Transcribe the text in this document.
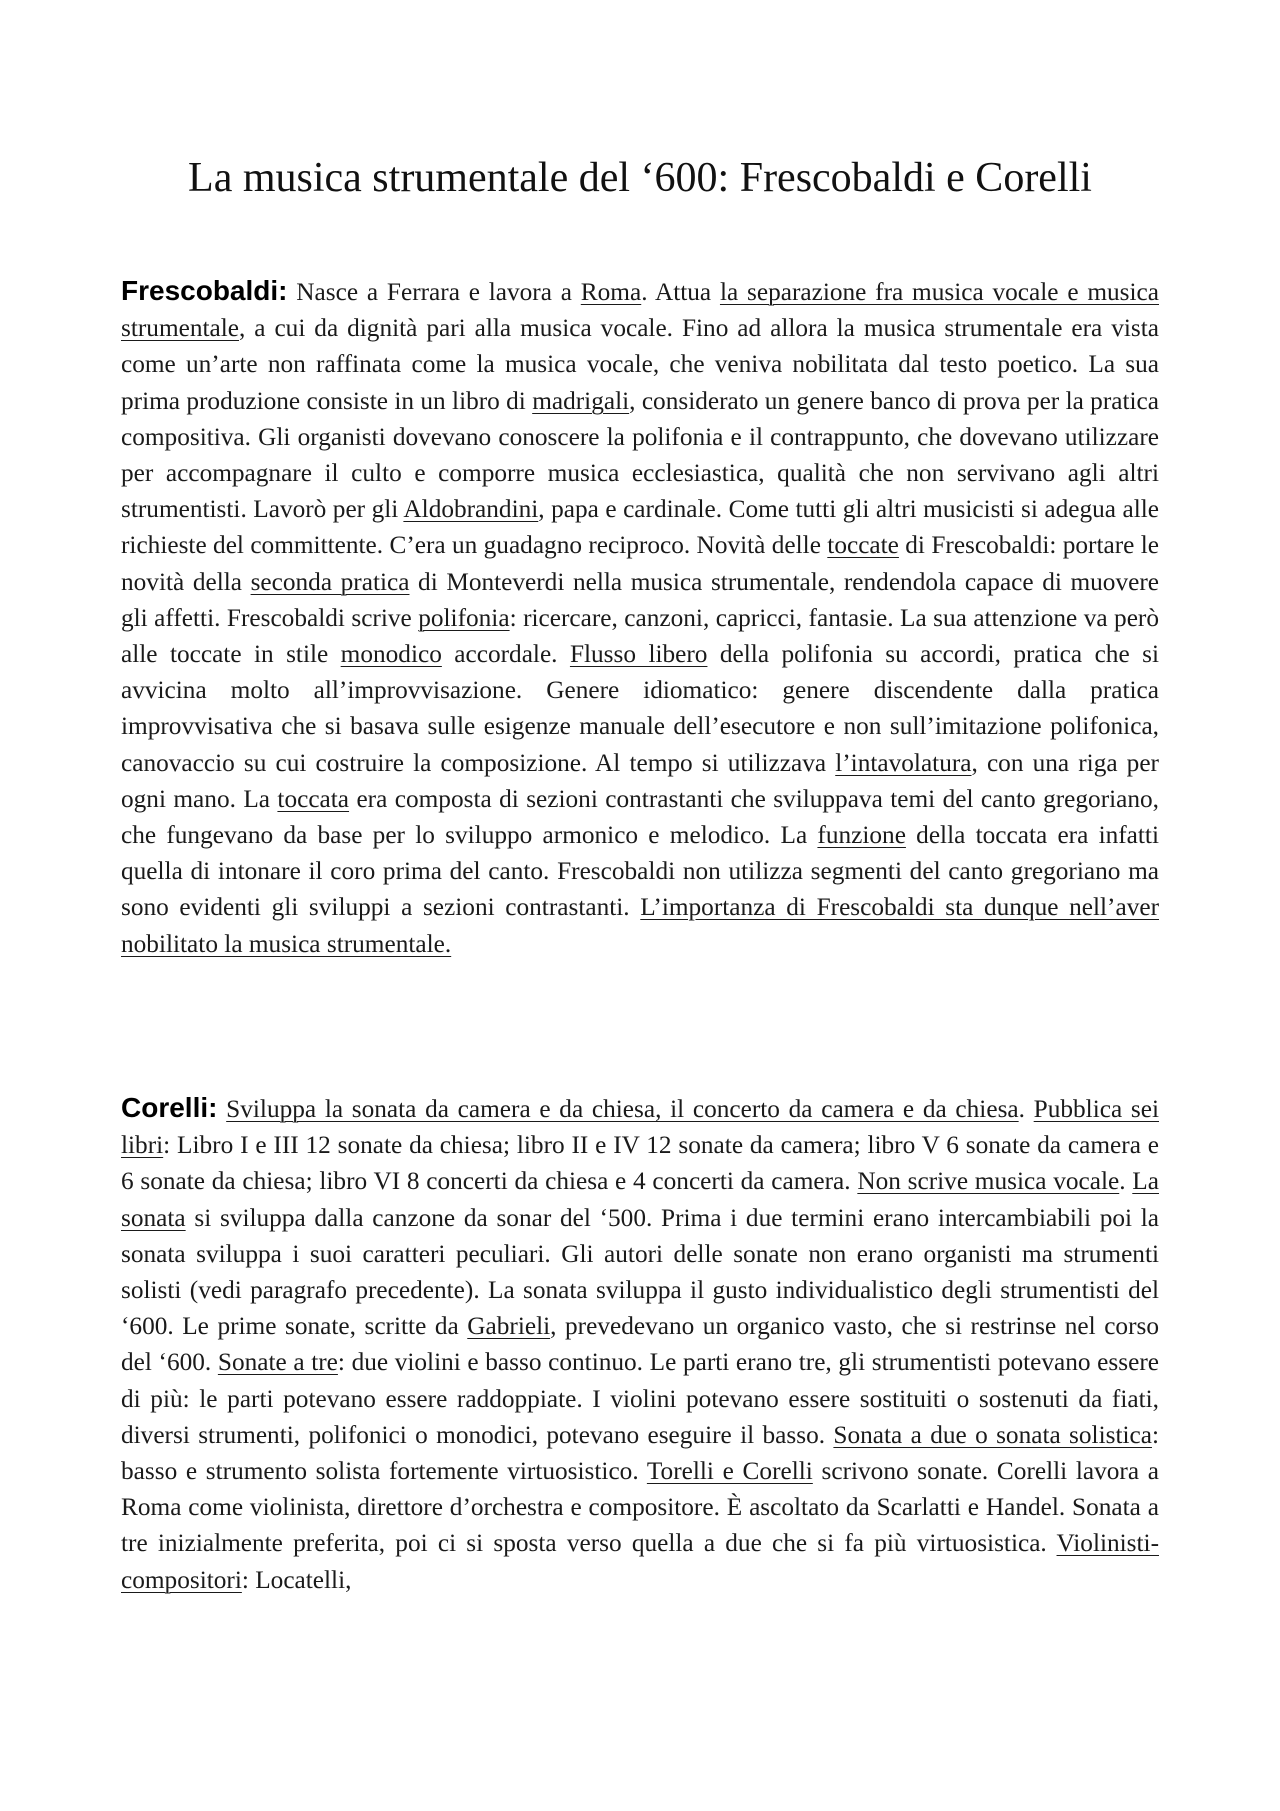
La musica strumentale del ‘600: Frescobaldi e Corelli

Frescobaldi: Nasce a Ferrara e lavora a Roma. Attua la separazione fra musica vocale e musica strumentale, a cui da dignità pari alla musica vocale. Fino ad allora la musica strumentale era vista come un’arte non raffinata come la musica vocale, che veniva nobilitata dal testo poetico. La sua prima produzione consiste in un libro di madrigali, considerato un genere banco di prova per la pratica compositiva. Gli organisti dovevano conoscere la polifonia e il contrappunto, che dovevano utilizzare per accompagnare il culto e comporre musica ecclesiastica, qualità che non servivano agli altri strumentisti. Lavorò per gli Aldobrandini, papa e cardinale. Come tutti gli altri musicisti si adegua alle richieste del committente. C’era un guadagno reciproco. Novità delle toccate di Frescobaldi: portare le novità della seconda pratica di Monteverdi nella musica strumentale, rendendola capace di muovere gli affetti. Frescobaldi scrive polifonia: ricercare, canzoni, capricci, fantasie. La sua attenzione va però alle toccate in stile monodico accordale. Flusso libero della polifonia su accordi, pratica che si avvicina molto all’improvvisazione. Genere idiomatico: genere discendente dalla pratica improvvisativa che si basava sulle esigenze manuale dell’esecutore e non sull’imitazione polifonica, canovaccio su cui costruire la composizione. Al tempo si utilizzava l’intavolatura, con una riga per ogni mano. La toccata era composta di sezioni contrastanti che sviluppava temi del canto gregoriano, che fungevano da base per lo sviluppo armonico e melodico. La funzione della toccata era infatti quella di intonare il coro prima del canto. Frescobaldi non utilizza segmenti del canto gregoriano ma sono evidenti gli sviluppi a sezioni contrastanti. L’importanza di Frescobaldi sta dunque nell’aver nobilitato la musica strumentale.

Corelli: Sviluppa la sonata da camera e da chiesa, il concerto da camera e da chiesa. Pubblica sei libri: Libro I e III 12 sonate da chiesa; libro II e IV 12 sonate da camera; libro V 6 sonate da camera e 6 sonate da chiesa; libro VI 8 concerti da chiesa e 4 concerti da camera. Non scrive musica vocale. La sonata si sviluppa dalla canzone da sonar del ‘500. Prima i due termini erano intercambiabili poi la sonata sviluppa i suoi caratteri peculiari. Gli autori delle sonate non erano organisti ma strumenti solisti (vedi paragrafo precedente). La sonata sviluppa il gusto individualistico degli strumentisti del ‘600. Le prime sonate, scritte da Gabrieli, prevedevano un organico vasto, che si restrinse nel corso del ‘600. Sonate a tre: due violini e basso continuo. Le parti erano tre, gli strumentisti potevano essere di più: le parti potevano essere raddoppiate. I violini potevano essere sostituiti o sostenuti da fiati, diversi strumenti, polifonici o monodici, potevano eseguire il basso. Sonata a due o sonata solistica: basso e strumento solista fortemente virtuosistico. Torelli e Corelli scrivono sonate. Corelli lavora a Roma come violinista, direttore d’orchestra e compositore. È ascoltato da Scarlatti e Handel. Sonata a tre inizialmente preferita, poi ci si sposta verso quella a due che si fa più virtuosistica. Violinisti-compositori: Locatelli,
